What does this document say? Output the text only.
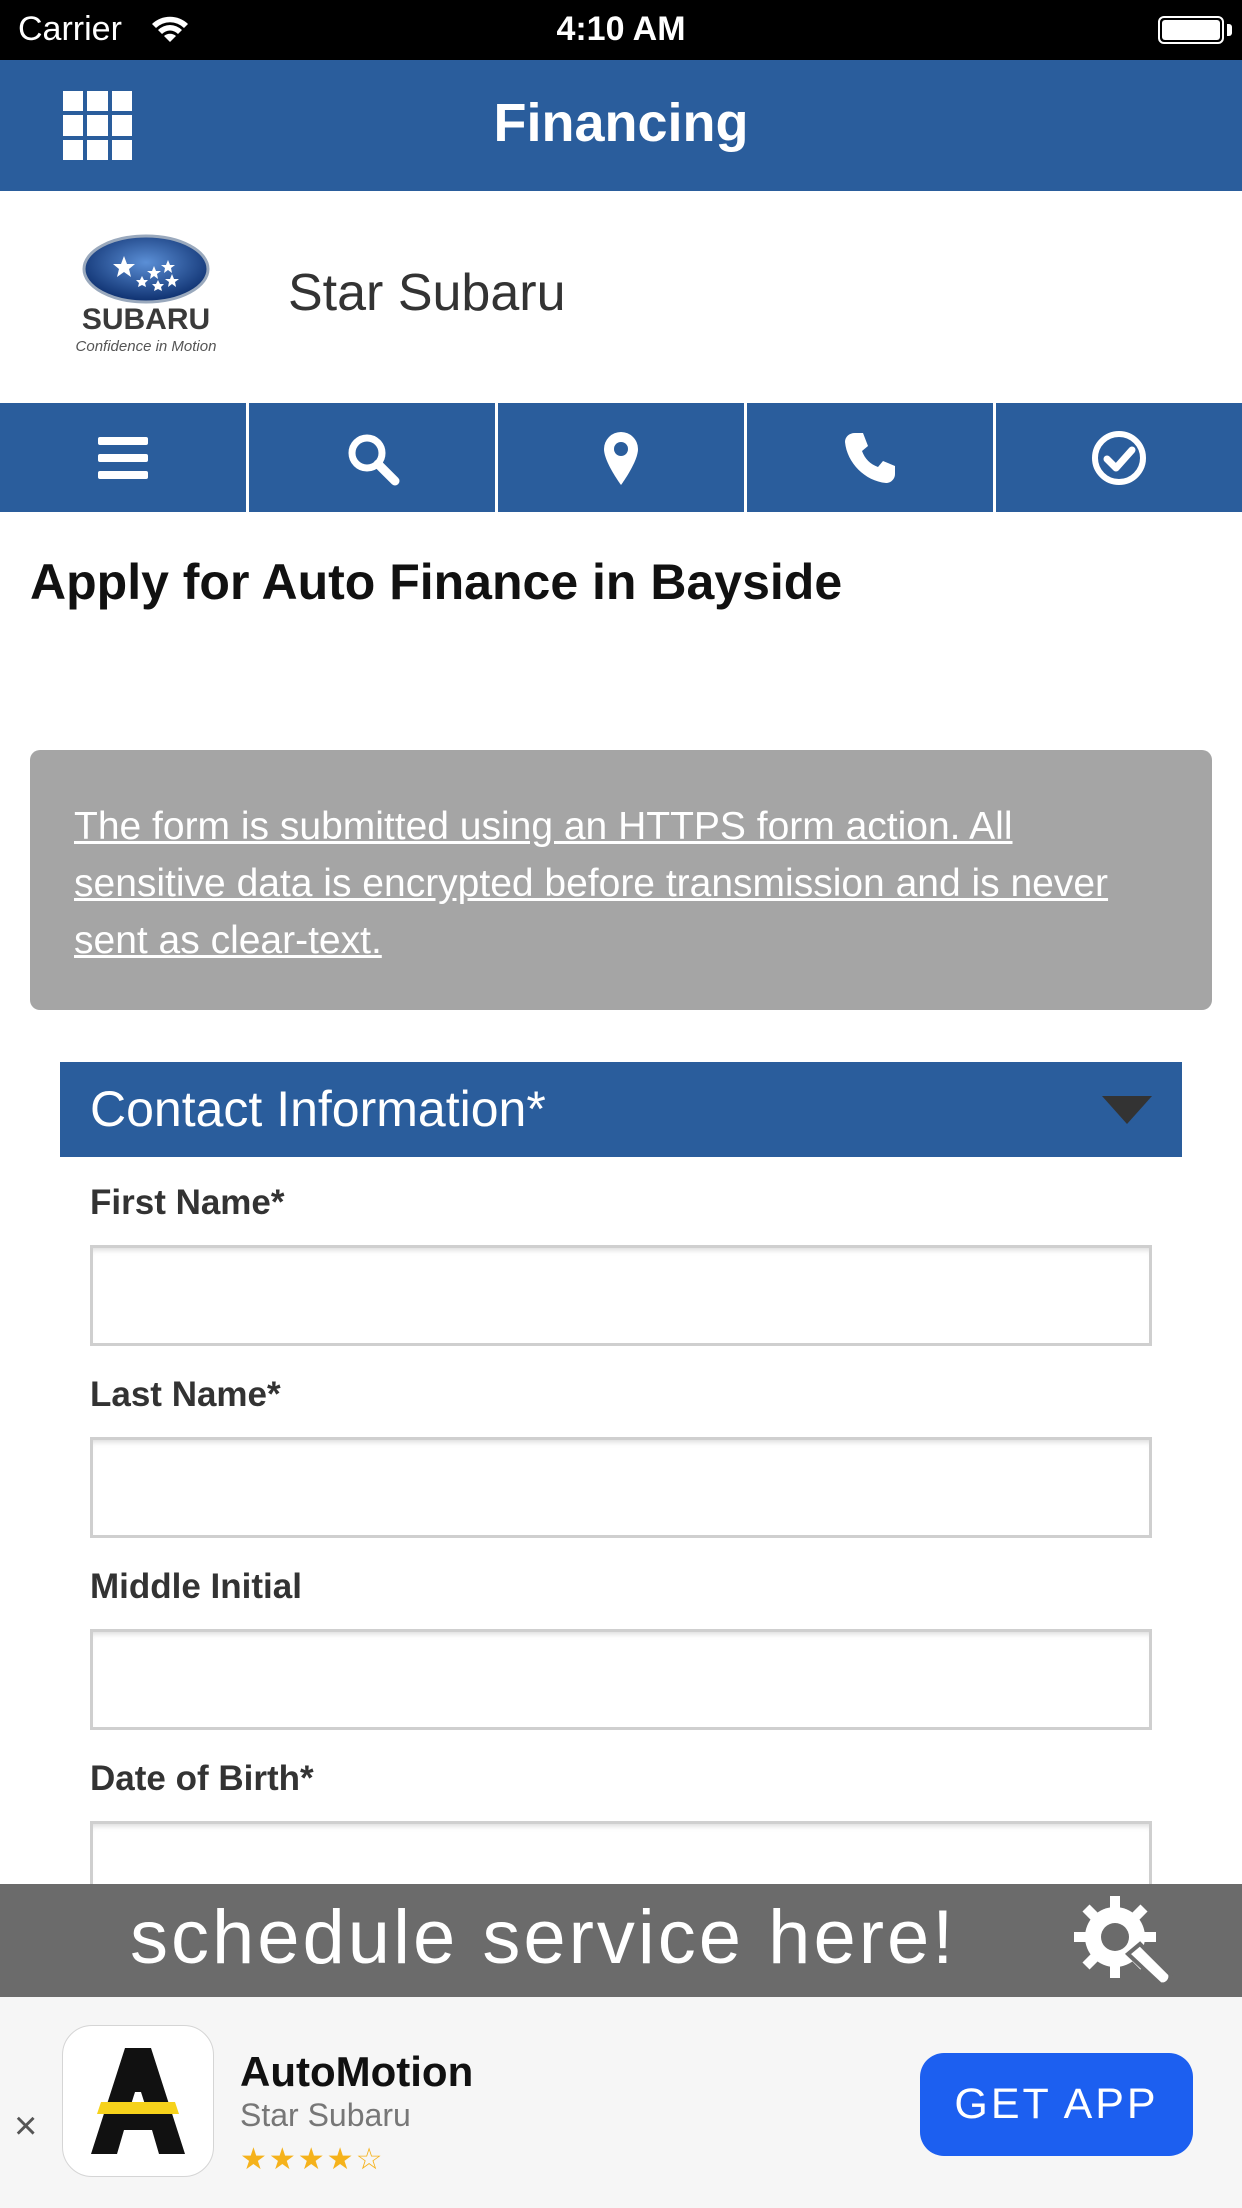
Carrier	4:10 AM
Financing
SUBARU
Confidence in Motion
Star Subaru
Apply for Auto Finance in Bayside
The form is submitted using an HTTPS form action. All sensitive data is encrypted before transmission and is never sent as clear-text.
Contact Information*
First Name*
Last Name*
Middle Initial
Date of Birth*
schedule service here!
×
AutoMotion
Star Subaru
★★★★☆
GET APP
